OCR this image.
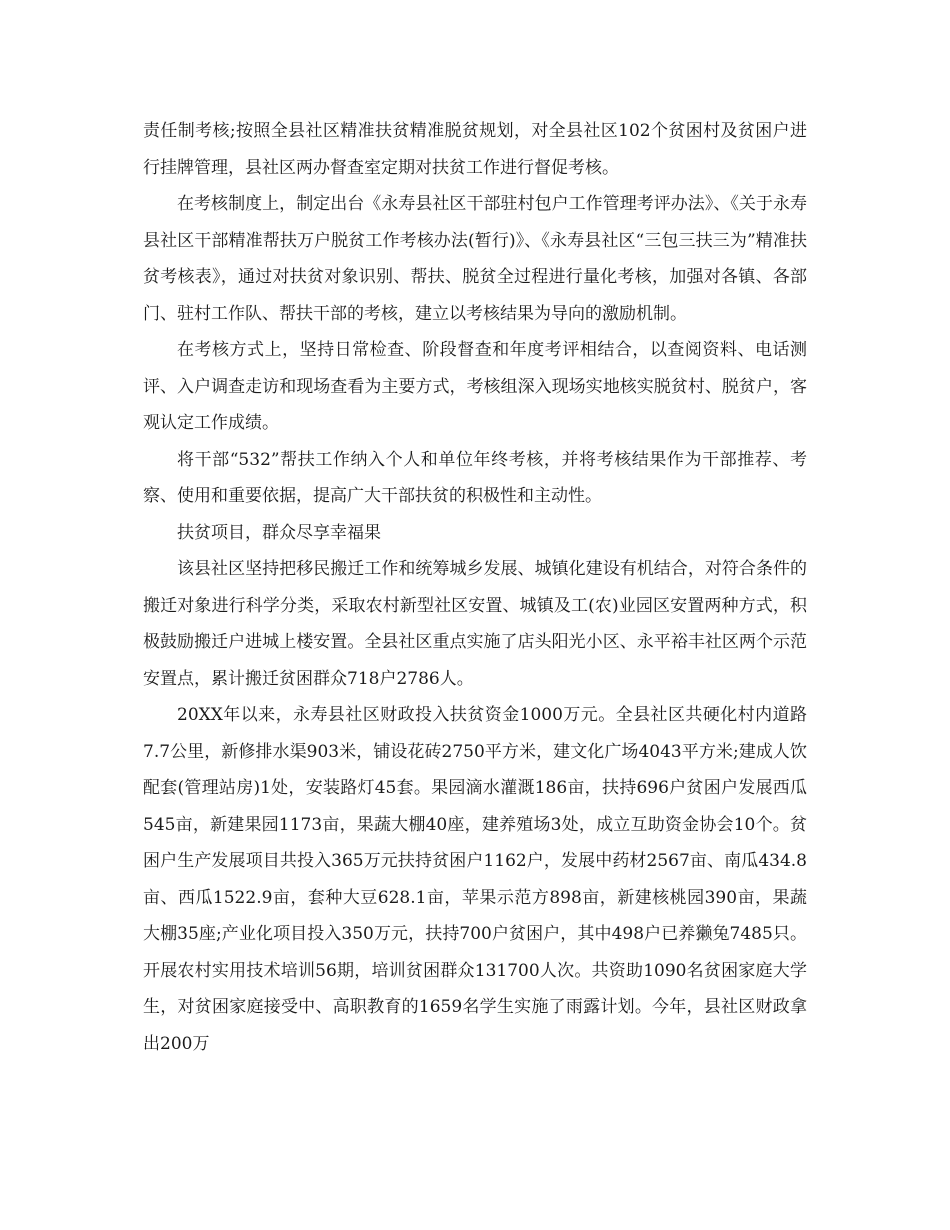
责任制考核;按照全县社区精准扶贫精准脱贫规划，对全县社区102个贫困村及贫困户进行挂牌管理，县社区两办督查室定期对扶贫工作进行督促考核。

在考核制度上，制定出台《永寿县社区干部驻村包户工作管理考评办法》、《关于永寿县社区干部精准帮扶万户脱贫工作考核办法(暂行)》、《永寿县社区“三包三扶三为”精准扶贫考核表》，通过对扶贫对象识别、帮扶、脱贫全过程进行量化考核，加强对各镇、各部门、驻村工作队、帮扶干部的考核，建立以考核结果为导向的激励机制。

在考核方式上，坚持日常检查、阶段督查和年度考评相结合，以查阅资料、电话测评、入户调查走访和现场查看为主要方式，考核组深入现场实地核实脱贫村、脱贫户，客观认定工作成绩。

将干部“532”帮扶工作纳入个人和单位年终考核，并将考核结果作为干部推荐、考察、使用和重要依据，提高广大干部扶贫的积极性和主动性。

扶贫项目，群众尽享幸福果

该县社区坚持把移民搬迁工作和统筹城乡发展、城镇化建设有机结合，对符合条件的搬迁对象进行科学分类，采取农村新型社区安置、城镇及工(农)业园区安置两种方式，积极鼓励搬迁户进城上楼安置。全县社区重点实施了店头阳光小区、永平裕丰社区两个示范安置点，累计搬迁贫困群众718户2786人。

20XX年以来，永寿县社区财政投入扶贫资金1000万元。全县社区共硬化村内道路7.7公里，新修排水渠903米，铺设花砖2750平方米，建文化广场4043平方米;建成人饮配套(管理站房)1处，安装路灯45套。果园滴水灌溉186亩，扶持696户贫困户发展西瓜545亩，新建果园1173亩，果蔬大棚40座，建养殖场3处，成立互助资金协会10个。贫困户生产发展项目共投入365万元扶持贫困户1162户，发展中药材2567亩、南瓜434.8亩、西瓜1522.9亩，套种大豆628.1亩，苹果示范方898亩，新建核桃园390亩，果蔬大棚35座;产业化项目投入350万元，扶持700户贫困户，其中498户已养獭兔7485只。开展农村实用技术培训56期，培训贫困群众131700人次。共资助1090名贫困家庭大学生，对贫困家庭接受中、高职教育的1659名学生实施了雨露计划。今年，县社区财政拿出200万
